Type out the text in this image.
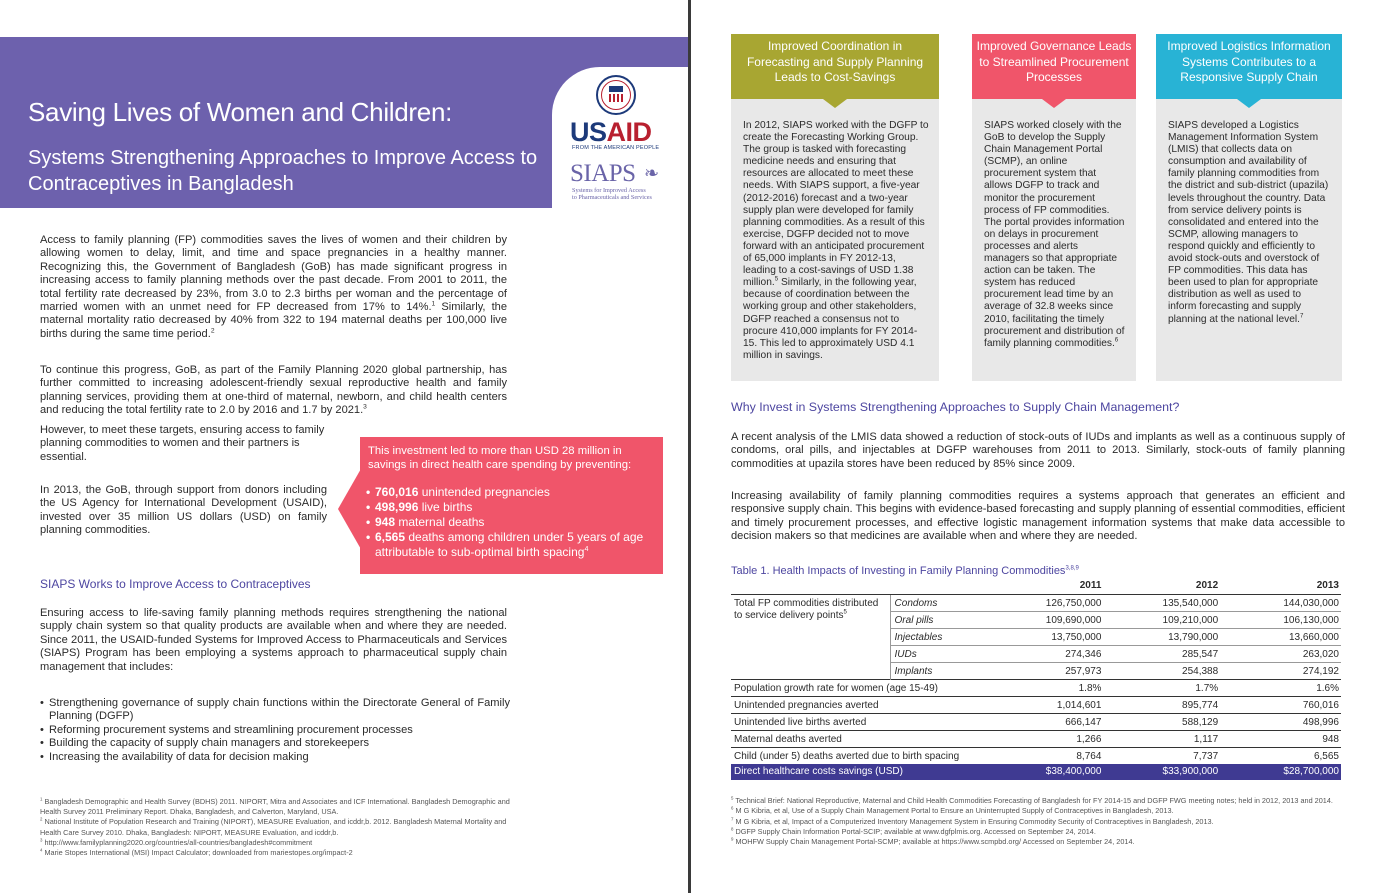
Saving Lives of Women and Children:
Systems Strengthening Approaches to Improve Access to Contraceptives in Bangladesh
USAID
FROM THE AMERICAN PEOPLE
SIAPS ❧
Systems for Improved Access
to Pharmaceuticals and Services

Access to family planning (FP) commodities saves the lives of women and their children by allowing women to delay, limit, and time and space pregnancies in a healthy manner. Recognizing this, the Government of Bangladesh (GoB) has made significant progress in increasing access to family planning methods over the past decade. From 2001 to 2011, the total fertility rate decreased by 23%, from 3.0 to 2.3 births per woman and the percentage of married women with an unmet need for FP decreased from 17% to 14%.$^1$ Similarly, the maternal mortality ratio decreased by 40% from 322 to 194 maternal deaths per 100,000 live births during the same time period.$^2$

To continue this progress, GoB, as part of the Family Planning 2020 global partnership, has further committed to increasing adolescent-friendly sexual reproductive health and family planning services, providing them at one-third of maternal, newborn, and child health centers and reducing the total fertility rate to 2.0 by 2016 and 1.7 by 2021.$^3$

However, to meet these targets, ensuring access to family planning commodities to women and their partners is essential.

In 2013, the GoB, through support from donors including the US Agency for International Development (USAID), invested over 35 million US dollars (USD) on family planning commodities.

This investment led to more than USD 28 million in savings in direct health care spending by preventing:
• 760,016 unintended pregnancies
• 498,996 live births
• 948 maternal deaths
• 6,565 deaths among children under 5 years of age attributable to sub-optimal birth spacing$^4$
SIAPS Works to Improve Access to Contraceptives

Ensuring access to life-saving family planning methods requires strengthening the national supply chain system so that quality products are available when and where they are needed. Since 2011, the USAID-funded Systems for Improved Access to Pharmaceuticals and Services (SIAPS) Program has been employing a systems approach to pharmaceutical supply chain management that includes:

• Strengthening governance of supply chain functions within the Directorate General of Family Planning (DGFP)
• Reforming procurement systems and streamlining procurement processes
• Building the capacity of supply chain managers and storekeepers
• Increasing the availability of data for decision making

$^1$ Bangladesh Demographic and Health Survey (BDHS) 2011. NIPORT, Mitra and Associates and ICF International. Bangladesh Demographic and Health Survey 2011 Preliminary Report. Dhaka, Bangladesh, and Calverton, Maryland, USA.

$^2$ National Institute of Population Research and Training (NIPORT), MEASURE Evaluation, and icddr,b. 2012. Bangladesh Maternal Mortality and Health Care Survey 2010. Dhaka, Bangladesh: NIPORT, MEASURE Evaluation, and icddr,b.

$^3$ http://www.familyplanning2020.org/countries/all-countries/bangladesh#commitment

$^4$ Marie Stopes International (MSI) Impact Calculator; downloaded from mariestopes.org/impact-2

Improved Coordination in Forecasting and Supply Planning Leads to Cost-Savings
In 2012, SIAPS worked with the DGFP to create the Forecasting Working Group. The group is tasked with forecasting medicine needs and ensuring that resources are allocated to meet these needs. With SIAPS support, a five-year (2012-2016) forecast and a two-year supply plan were developed for family planning commodities. As a result of this exercise, DGFP decided not to move forward with an anticipated procurement of 65,000 implants in FY 2012-13, leading to a cost-savings of USD 1.38 million.$^5$ Similarly, in the following year, because of coordination between the working group and other stakeholders, DGFP reached a consensus not to procure 410,000 implants for FY 2014-15. This led to approximately USD 4.1 million in savings.
Improved Governance Leads to Streamlined Procurement Processes
SIAPS worked closely with the GoB to develop the Supply Chain Management Portal (SCMP), an online procurement system that allows DGFP to track and monitor the procurement process of FP commodities. The portal provides information on delays in procurement processes and alerts managers so that appropriate action can be taken. The system has reduced procurement lead time by an average of 32.8 weeks since 2010, facilitating the timely procurement and distribution of family planning commodities.$^6$
Improved Logistics Information Systems Contributes to a Responsive Supply Chain
SIAPS developed a Logistics Management Information System (LMIS) that collects data on consumption and availability of family planning commodities from the district and sub-district (upazila) levels throughout the country. Data from service delivery points is consolidated and entered into the SCMP, allowing managers to respond quickly and efficiently to avoid stock-outs and overstock of FP commodities. This data has been used to plan for appropriate distribution as well as used to inform forecasting and supply planning at the national level.$^7$
Why Invest in Systems Strengthening Approaches to Supply Chain Management?

A recent analysis of the LMIS data showed a reduction of stock-outs of IUDs and implants as well as a continuous supply of condoms, oral pills, and injectables at DGFP warehouses from 2011 to 2013. Similarly, stock-outs of family planning commodities at upazila stores have been reduced by 85% since 2009.

Increasing availability of family planning commodities requires a systems approach that generates an efficient and responsive supply chain. This begins with evidence-based forecasting and supply planning of essential commodities, efficient and timely procurement processes, and effective logistic management information systems that make data accessible to decision makers so that medicines are available when and where they are needed.

Table 1. Health Impacts of Investing in Family Planning Commodities$^{3,8,9}$
		2011	2012	2013
Total FP commodities distributed to service delivery points$^5$	Condoms	126,750,000	135,540,000	144,030,000
	Oral pills	109,690,000	109,210,000	106,130,000
	Injectables	13,750,000	13,790,000	13,660,000
	IUDs	274,346	285,547	263,020
	Implants	257,973	254,388	274,192
Population growth rate for women (age 15-49)		1.8%	1.7%	1.6%
Unintended pregnancies averted		1,014,601	895,774	760,016
Unintended live births averted		666,147	588,129	498,996
Maternal deaths averted		1,266	1,117	948
Child (under 5) deaths averted due to birth spacing		8,764	7,737	6,565
Direct healthcare costs savings (USD)		$38,400,000	$33,900,000	$28,700,000

$^5$ Technical Brief: National Reproductive, Maternal and Child Health Commodities Forecasting of Bangladesh for FY 2014-15 and DGFP FWG meeting notes; held in 2012, 2013 and 2014.

$^6$ M G Kibria, et al, Use of a Supply Chain Management Portal to Ensure an Uninterrupted Supply of Contraceptives in Bangladesh, 2013.

$^7$ M G Kibria, et al, Impact of a Computerized Inventory Management System in Ensuring Commodity Security of Contraceptives in Bangladesh, 2013.

$^8$ DGFP Supply Chain Information Portal-SCIP; available at www.dgfplmis.org. Accessed on September 24, 2014.

$^9$ MOHFW Supply Chain Management Portal-SCMP; available at https://www.scmpbd.org/ Accessed on September 24, 2014.
